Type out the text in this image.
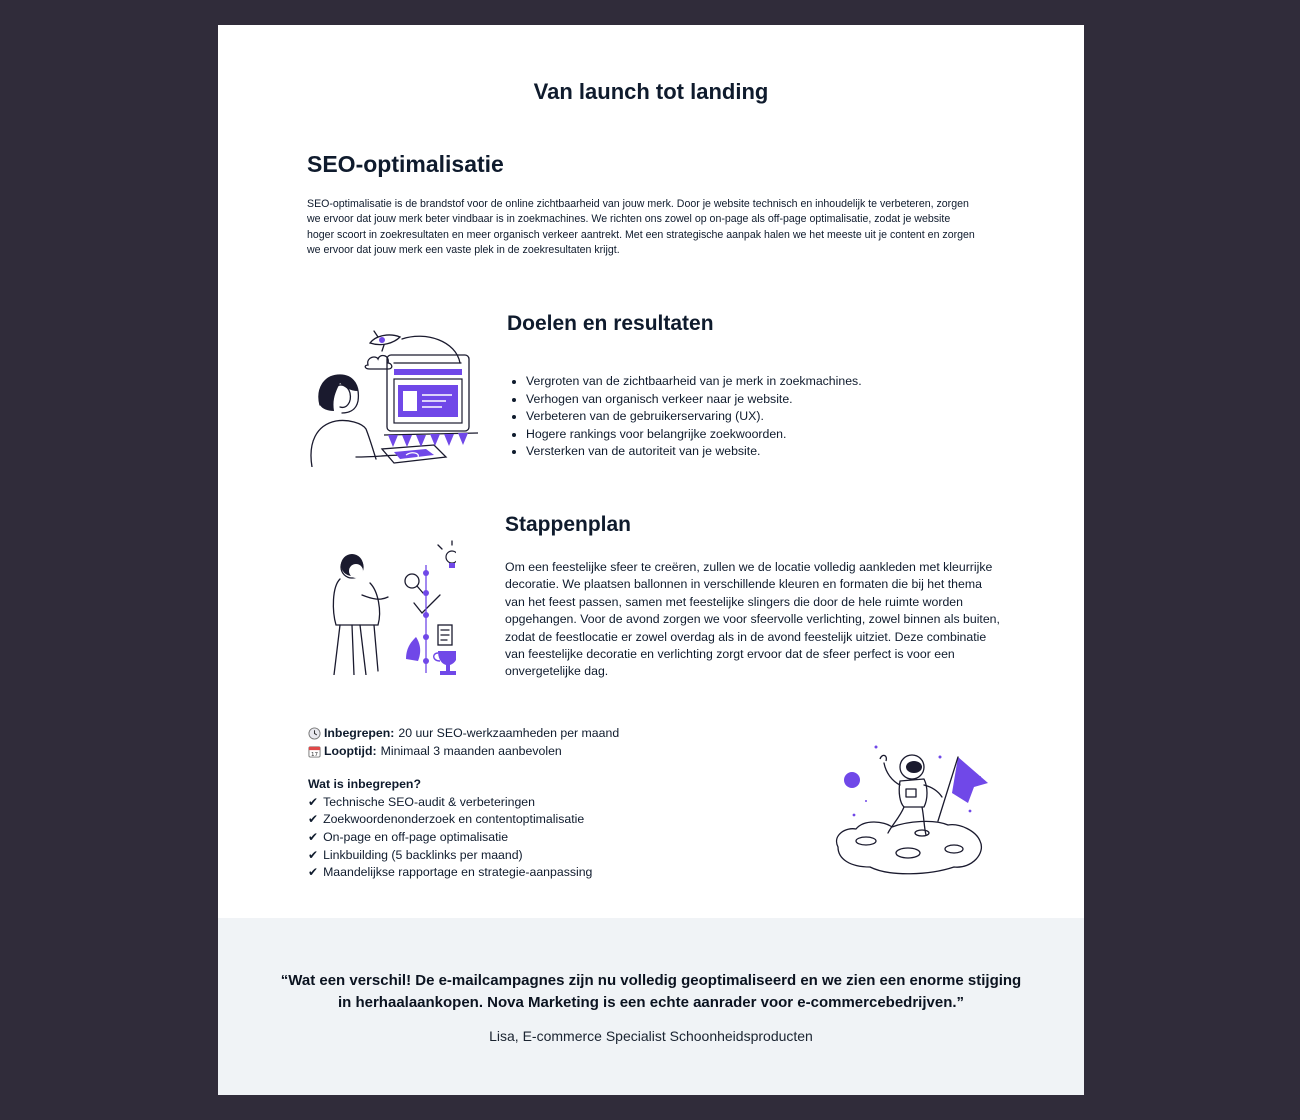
Van launch tot landing
SEO-optimalisatie

SEO-optimalisatie is de brandstof voor de online zichtbaarheid van jouw merk. Door je website technisch en inhoudelijk te verbeteren, zorgen we ervoor dat jouw merk beter vindbaar is in zoekmachines. We richten ons zowel op on-page als off-page optimalisatie, zodat je website hoger scoort in zoekresultaten en meer organisch verkeer aantrekt. Met een strategische aanpak halen we het meeste uit je content en zorgen we ervoor dat jouw merk een vaste plek in de zoekresultaten krijgt.

Doelen en resultaten
• Vergroten van de zichtbaarheid van je merk in zoekmachines.
• Verhogen van organisch verkeer naar je website.
• Verbeteren van de gebruikerservaring (UX).
• Hogere rankings voor belangrijke zoekwoorden.
• Versterken van de autoriteit van je website.
Stappenplan

Om een feestelijke sfeer te creëren, zullen we de locatie volledig aankleden met kleurrijke decoratie. We plaatsen ballonnen in verschillende kleuren en formaten die bij het thema van het feest passen, samen met feestelijke slingers die door de hele ruimte worden opgehangen. Voor de avond zorgen we voor sfeervolle verlichting, zowel binnen als buiten, zodat de feestlocatie er zowel overdag als in de avond feestelijk uitziet. Deze combinatie van feestelijke decoratie en verlichting zorgt ervoor dat de sfeer perfect is voor een onvergetelijke dag.

Inbegrepen: 20 uur SEO-werkzaamheden per maand
17 Looptijd: Minimaal 3 maanden aanbevolen
Wat is inbegrepen?
✔ Technische SEO-audit & verbeteringen
✔ Zoekwoordenonderzoek en contentoptimalisatie
✔ On-page en off-page optimalisatie
✔ Linkbuilding (5 backlinks per maand)
✔ Maandelijkse rapportage en strategie-aanpassing

“Wat een verschil! De e-mailcampagnes zijn nu volledig geoptimaliseerd en we zien een enorme stijging in herhaalaankopen. Nova Marketing is een echte aanrader voor e-commercebedrijven.”

Lisa, E-commerce Specialist Schoonheidsproducten
